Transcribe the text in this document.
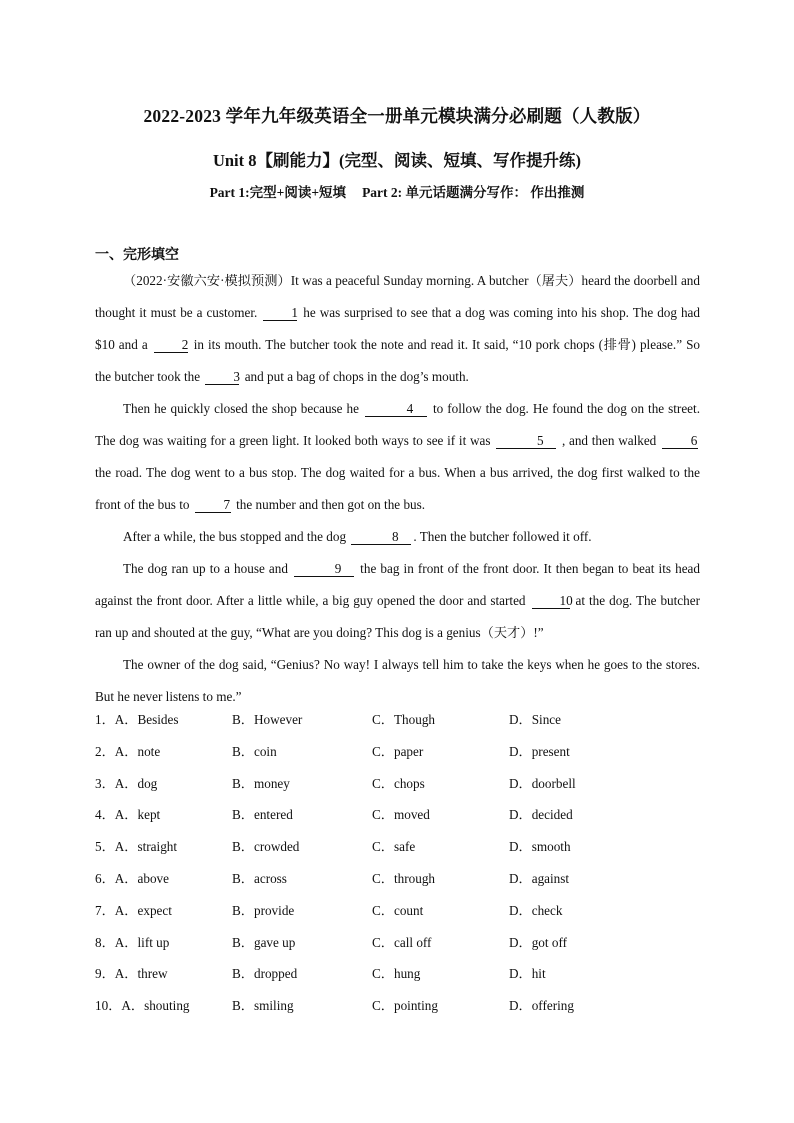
2022-2023 学年九年级英语全一册单元模块满分必刷题（人教版）
Unit 8【刷能力】(完型、阅读、短填、写作提升练)
Part 1:完型+阅读+短填 Part 2: 单元话题满分写作： 作出推测
一、完形填空

（2022·安徽六安·模拟预测）It was a peaceful Sunday morning. A butcher（屠夫）heard the doorbell and thought it must be a customer. 1 he was surprised to see that a dog was coming into his shop. The dog had $10 and a 2 in its mouth. The butcher took the note and read it. It said, “10 pork chops (排骨) please.” So the butcher took the 3 and put a bag of chops in the dog’s mouth.

Then he quickly closed the shop because he	4 to follow the dog. He found the dog on the street. The dog was waiting for a green light. It looked both ways to see if it was	5 , and then walked 6 the road. The dog went to a bus stop. The dog waited for a bus. When a bus arrived, the dog first walked to the front of the bus to 7 the number and then got on the bus.

After a while, the bus stopped and the dog	8 . Then the butcher followed it off.

The dog ran up to a house and	9 the bag in front of the front door. It then began to beat its head against the front door. After a little while, a big guy opened the door and started 10 at the dog. The butcher ran up and shouted at the guy, “What are you doing? This dog is a genius（天才）!”

The owner of the dog said, “Genius? No way! I always tell him to take the keys when he goes to the stores. But he never listens to me.”

1．A．Besides	B．However	C．Though	D．Since
2．A．note	B．coin	C．paper	D．present
3．A．dog	B．money	C．chops	D．doorbell
4．A．kept	B．entered	C．moved	D．decided
5．A．straight	B．crowded	C．safe	D．smooth
6．A．above	B．across	C．through	D．against
7．A．expect	B．provide	C．count	D．check
8．A．lift up	B．gave up	C．call off	D．got off
9．A．threw	B．dropped	C．hung	D．hit
10．A．shouting	B．smiling	C．pointing	D．offering
